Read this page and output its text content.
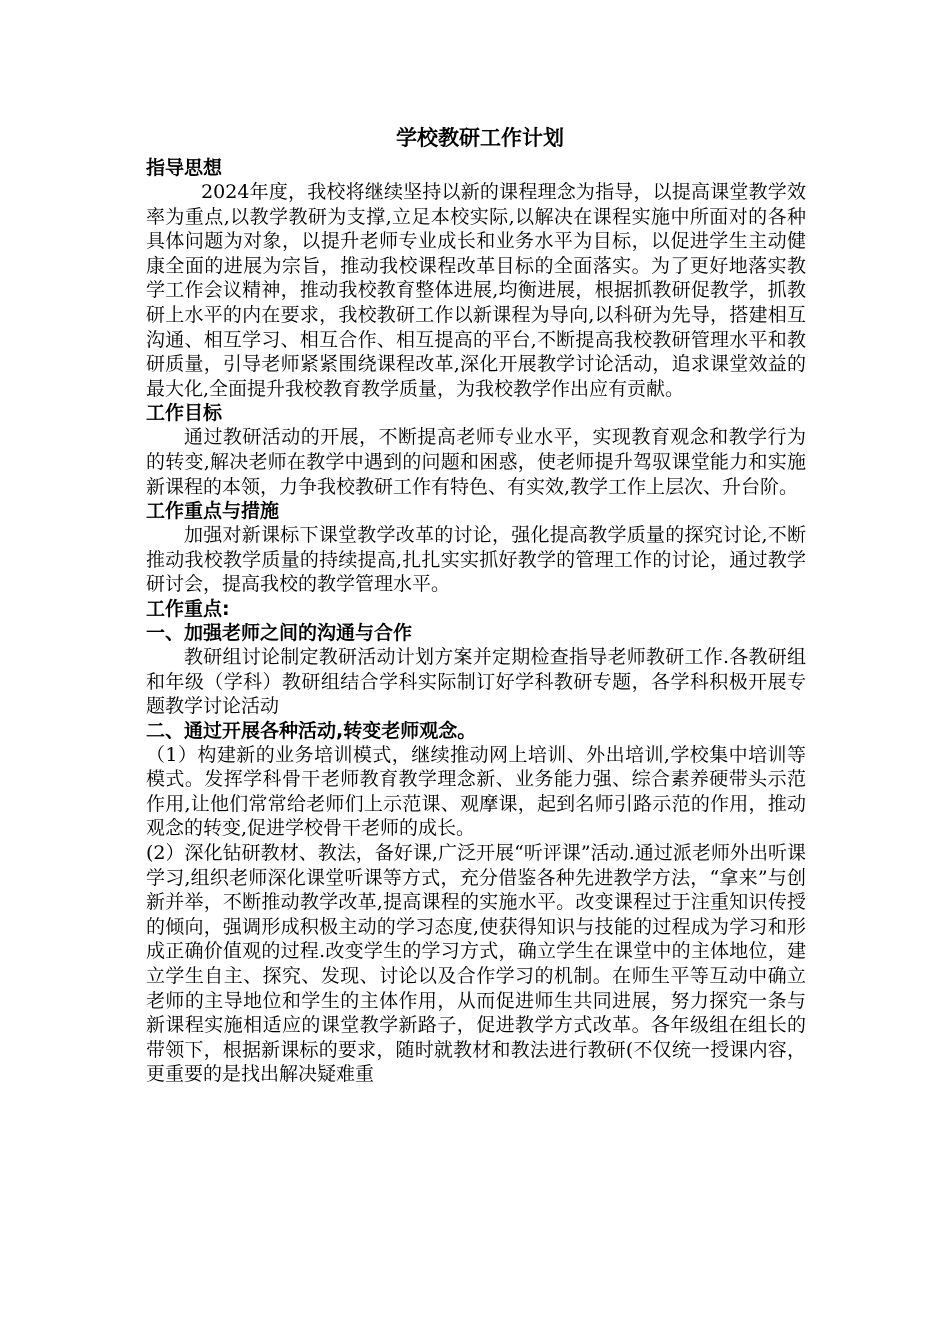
学校教研工作计划
指导思想

2024年度，我校将继续坚持以新的课程理念为指导，以提高课堂教学效率为重点,以教学教研为支撑,立足本校实际,以解决在课程实施中所面对的各种具体问题为对象，以提升老师专业成长和业务水平为目标，以促进学生主动健康全面的进展为宗旨，推动我校课程改革目标的全面落实。为了更好地落实教学工作会议精神，推动我校教育整体进展,均衡进展，根据抓教研促教学，抓教研上水平的内在要求，我校教研工作以新课程为导向,以科研为先导，搭建相互沟通、相互学习、相互合作、相互提高的平台,不断提高我校教研管理水平和教研质量，引导老师紧紧围绕课程改革,深化开展教学讨论活动，追求课堂效益的最大化,全面提升我校教育教学质量，为我校教学作出应有贡献。

工作目标

通过教研活动的开展，不断提高老师专业水平，实现教育观念和教学行为的转变,解决老师在教学中遇到的问题和困惑，使老师提升驾驭课堂能力和实施新课程的本领，力争我校教研工作有特色、有实效,教学工作上层次、升台阶。

工作重点与措施

加强对新课标下课堂教学改革的讨论，强化提高教学质量的探究讨论,不断推动我校教学质量的持续提高,扎扎实实抓好教学的管理工作的讨论，通过教学研讨会，提高我校的教学管理水平。

工作重点:
一、加强老师之间的沟通与合作

教研组讨论制定教研活动计划方案并定期检查指导老师教研工作.各教研组和年级（学科）教研组结合学科实际制订好学科教研专题，各学科积极开展专题教学讨论活动

二、通过开展各种活动,转变老师观念。

（1）构建新的业务培训模式，继续推动网上培训、外出培训,学校集中培训等模式。发挥学科骨干老师教育教学理念新、业务能力强、综合素养硬带头示范作用,让他们常常给老师们上示范课、观摩课，起到名师引路示范的作用，推动观念的转变,促进学校骨干老师的成长。

(2）深化钻研教材、教法，备好课,广泛开展“听评课”活动.通过派老师外出听课学习,组织老师深化课堂听课等方式，充分借鉴各种先进教学方法，“拿来”与创新并举，不断推动教学改革,提高课程的实施水平。改变课程过于注重知识传授的倾向，强调形成积极主动的学习态度,使获得知识与技能的过程成为学习和形成正确价值观的过程.改变学生的学习方式，确立学生在课堂中的主体地位，建立学生自主、探究、发现、讨论以及合作学习的机制。在师生平等互动中确立老师的主导地位和学生的主体作用，从而促进师生共同进展，努力探究一条与新课程实施相适应的课堂教学新路子，促进教学方式改革。各年级组在组长的带领下，根据新课标的要求，随时就教材和教法进行教研(不仅统一授课内容，更重要的是找出解决疑难重
